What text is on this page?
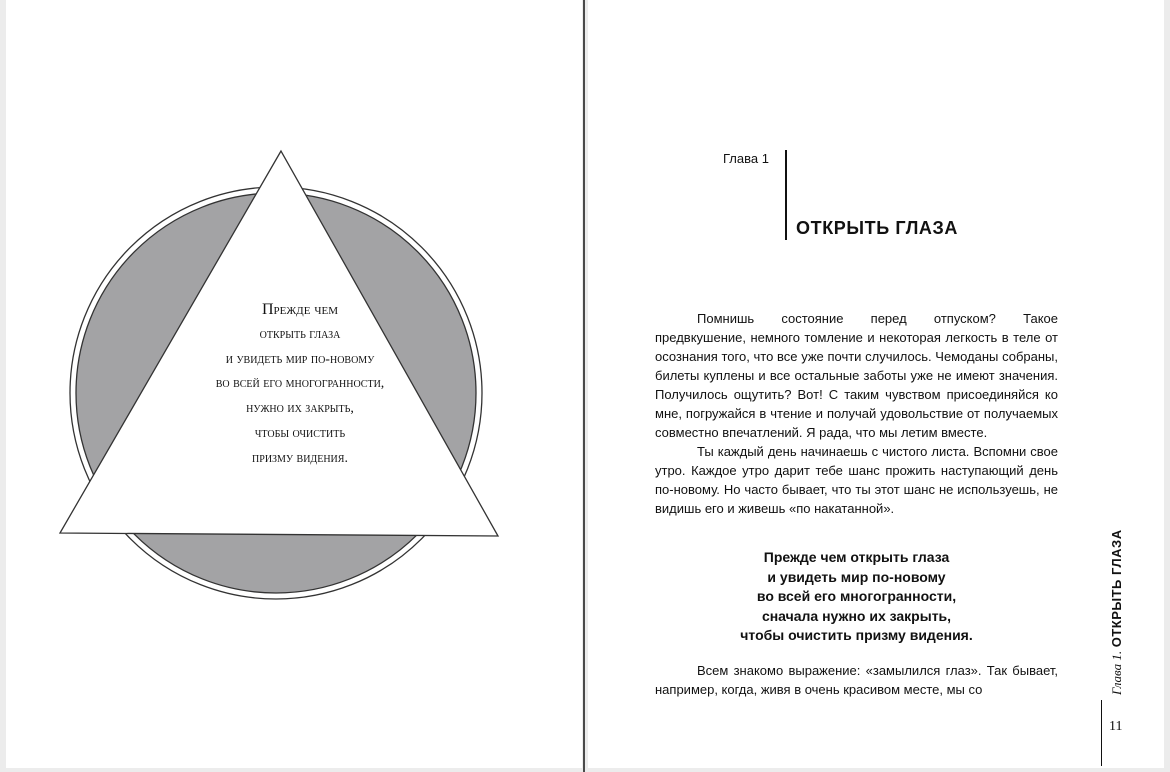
Прежде чем
открыть глаза
и увидеть мир по-новому
во всей его многогранности,
нужно их закрыть,
чтобы очистить
призму видения.
Глава 1
ОТКРЫТЬ ГЛАЗА

Помнишь состояние перед отпуском? Такое предвкушение, немного томление и некоторая легкость в теле от осознания того, что все уже почти случилось. Чемоданы собраны, билеты куплены и все остальные заботы уже не имеют значения. Получилось ощутить? Вот! С таким чувством присоединяйся ко мне, погружайся в чтение и получай удовольствие от получаемых совместно впечатлений. Я рада, что мы летим вместе.

Ты каждый день начинаешь с чистого листа. Вспомни свое утро. Каждое утро дарит тебе шанс прожить наступающий день по-новому. Но часто бывает, что ты этот шанс не используешь, не видишь его и живешь «по накатанной».

Прежде чем открыть глаза
и увидеть мир по-новому
во всей его многогранности,
сначала нужно их закрыть,
чтобы очистить призму видения.

Всем знакомо выражение: «замылился глаз». Так бывает, например, когда, живя в очень красивом месте, мы со	Глава 1. ОТКРЫТЬ ГЛАЗА
11
